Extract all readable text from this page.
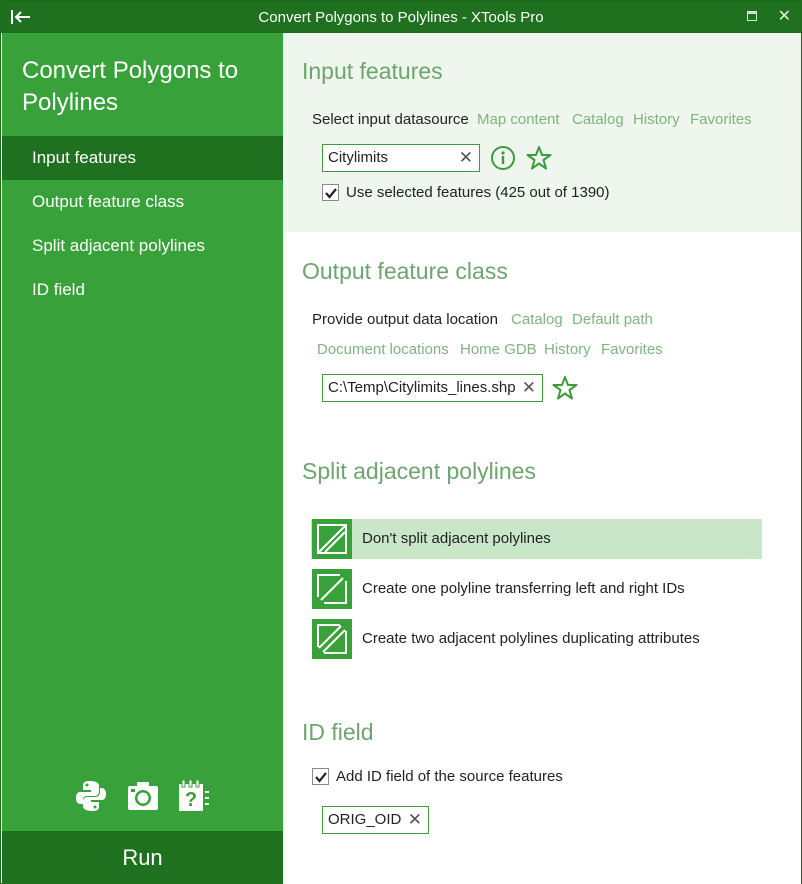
Convert Polygons to Polylines - XTools Pro	✕
Convert Polygons to Polylines
Input features
Output feature class
Split adjacent polylines
ID field
?
Run
Input features
Select input datasource Map content Catalog History Favorites
Citylimits	✕
Use selected features (425 out of 1390)
Output feature class
Provide output data location Catalog Default path
Document locations Home GDB History Favorites
C:\Temp\Citylimits_lines.shp ✕
Split adjacent polylines
Don't split adjacent polylines
Create one polyline transferring left and right IDs
Create two adjacent polylines duplicating attributes
ID field
Add ID field of the source features
ORIG_OID ✕
